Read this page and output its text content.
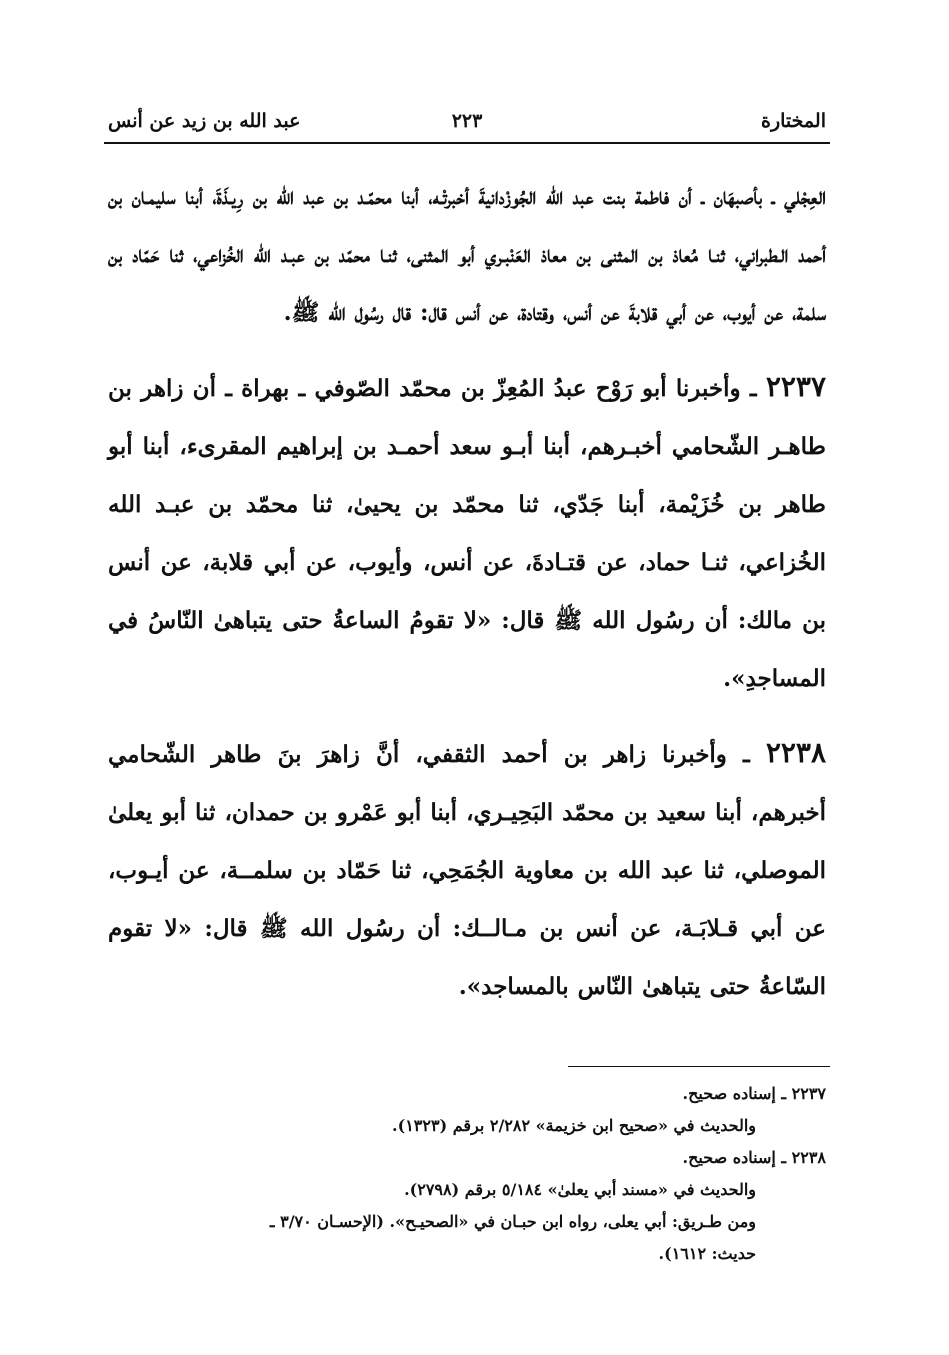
المختارة
٢٢٣
عبد الله بن زيد عن أنس

العِجْلي ـ بأصبهَان ـ أن فاطمة بنت عبد الله الجُوزْدانيةَ أخبرتْـه، أبنا محمّـد بن عبد الله بن رِيـذَةَ، أبنا سليمـان بن أحمد الـطبراني، ثنـا مُعاذ بن المثنى بن معاذ العَنْبـري أبو المثنى، ثنـا محمّد بن عبـد الله الخُزاعي، ثنا حَمّاد بن سلمة، عن أيوب، عن أبي قلابةَ عن أنس، وقتادة، عن أنس قال: قال رسُول الله ﷺ.

٢٢٣٧ ـ وأخبرنا أبو رَوْح عبدُ المُعِزّ بن محمّد الصّوفي ـ بهراة ـ أن زاهر بن طاهـر الشّحامي أخبـرهم، أبنا أبـو سعد أحمـد بن إبراهيم المقرىء، أبنا أبو طاهر بن خُزَيْمة، أبنا جَدّي، ثنا محمّد بن يحيىٰ، ثنا محمّد بن عبـد الله الخُزاعي، ثنـا حماد، عن قتـادةَ، عن أنس، وأيوب، عن أبي قلابة، عن أنس بن مالك: أن رسُول الله ﷺ قال: «لا تقومُ الساعةُ حتى يتباهىٰ النّاسُ في المساجدِ».

٢٢٣٨ ـ وأخبرنا زاهر بن أحمد الثقفي، أنَّ زاهرَ بنَ طاهر الشّحامي أخبرهم، أبنا سعيد بن محمّد البَحِيـري، أبنا أبو عَمْرو بن حمدان، ثنا أبو يعلىٰ الموصلي، ثنا عبد الله بن معاوية الجُمَحِي، ثنا حَمّاد بن سلمــة، عن أيـوب، عن أبي قـلابَـة، عن أنس بن مـالــك: أن رسُول الله ﷺ قال: «لا تقوم السّاعةُ حتى يتباهىٰ النّاس بالمساجد».

٢٢٣٧ ـ إسناده صحيح.

والحديث في «صحيح ابن خزيمة» ٢/٢٨٢ برقم (١٣٢٣).

٢٢٣٨ ـ إسناده صحيح.

والحديث في «مسند أبي يعلىٰ» ٥/١٨٤ برقم (٢٧٩٨).

ومن طـريق: أبي يعلى، رواه ابن حبـان في «الصحيـح». (الإحسـان ٣/٧٠ ـ

حديث: ١٦١٢).
